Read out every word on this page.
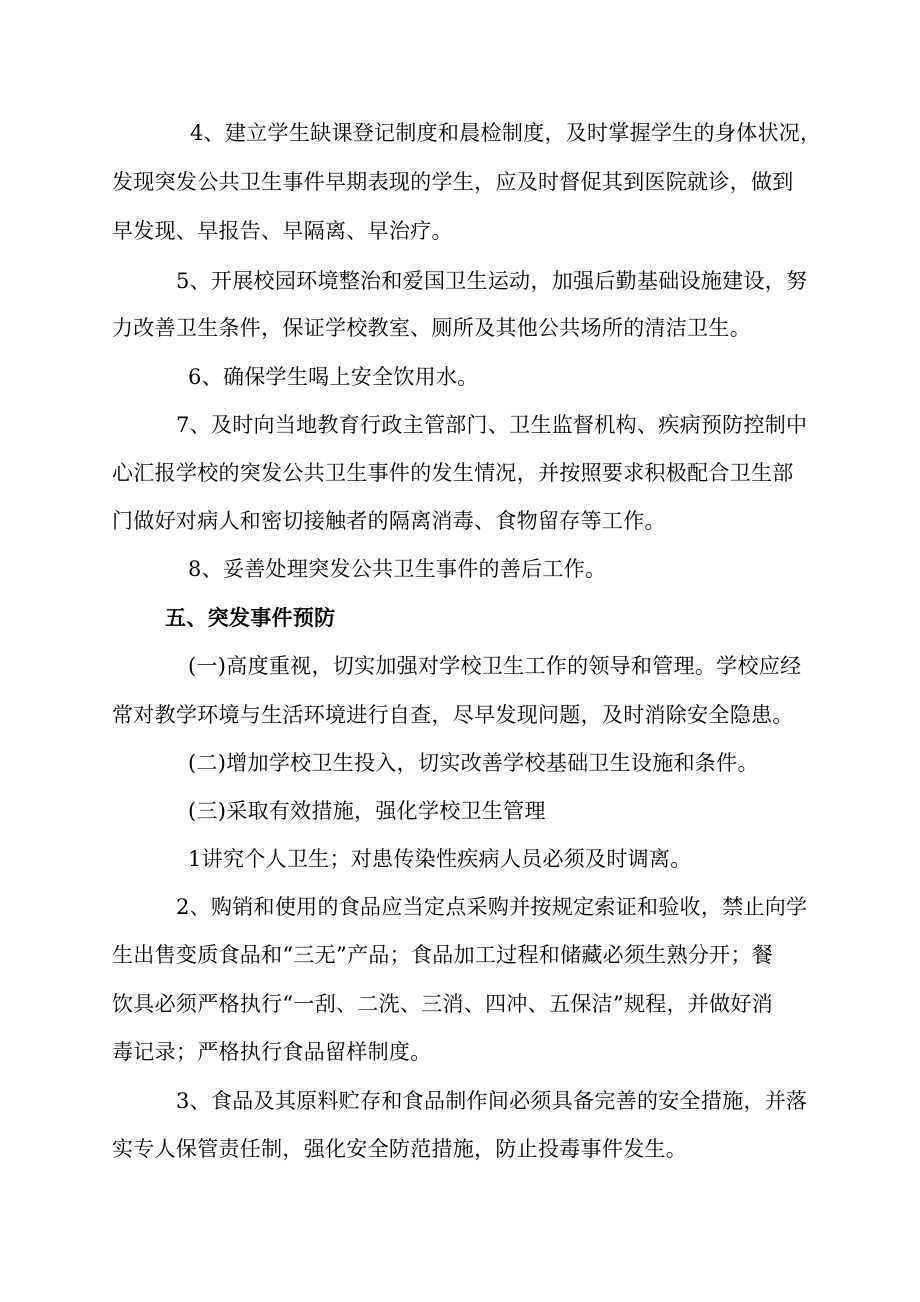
4、建立学生缺课登记制度和晨检制度，及时掌握学生的身体状况，
发现突发公共卫生事件早期表现的学生，应及时督促其到医院就诊，做到
早发现、早报告、早隔离、早治疗。
5、开展校园环境整治和爱国卫生运动，加强后勤基础设施建设，努
力改善卫生条件，保证学校教室、厕所及其他公共场所的清洁卫生。
6、确保学生喝上安全饮用水。
7、及时向当地教育行政主管部门、卫生监督机构、疾病预防控制中
心汇报学校的突发公共卫生事件的发生情况，并按照要求积极配合卫生部
门做好对病人和密切接触者的隔离消毒、食物留存等工作。
8、妥善处理突发公共卫生事件的善后工作。
五、突发事件预防
(一)高度重视，切实加强对学校卫生工作的领导和管理。学校应经
常对教学环境与生活环境进行自查，尽早发现问题，及时消除安全隐患。
(二)增加学校卫生投入，切实改善学校基础卫生设施和条件。
(三)采取有效措施，强化学校卫生管理
1讲究个人卫生；对患传染性疾病人员必须及时调离。
2、购销和使用的食品应当定点采购并按规定索证和验收，禁止向学
生出售变质食品和“三无”产品；食品加工过程和储藏必须生熟分开；餐
饮具必须严格执行“一刮、二洗、三消、四冲、五保洁”规程，并做好消
毒记录；严格执行食品留样制度。
3、食品及其原料贮存和食品制作间必须具备完善的安全措施，并落
实专人保管责任制，强化安全防范措施，防止投毒事件发生。
